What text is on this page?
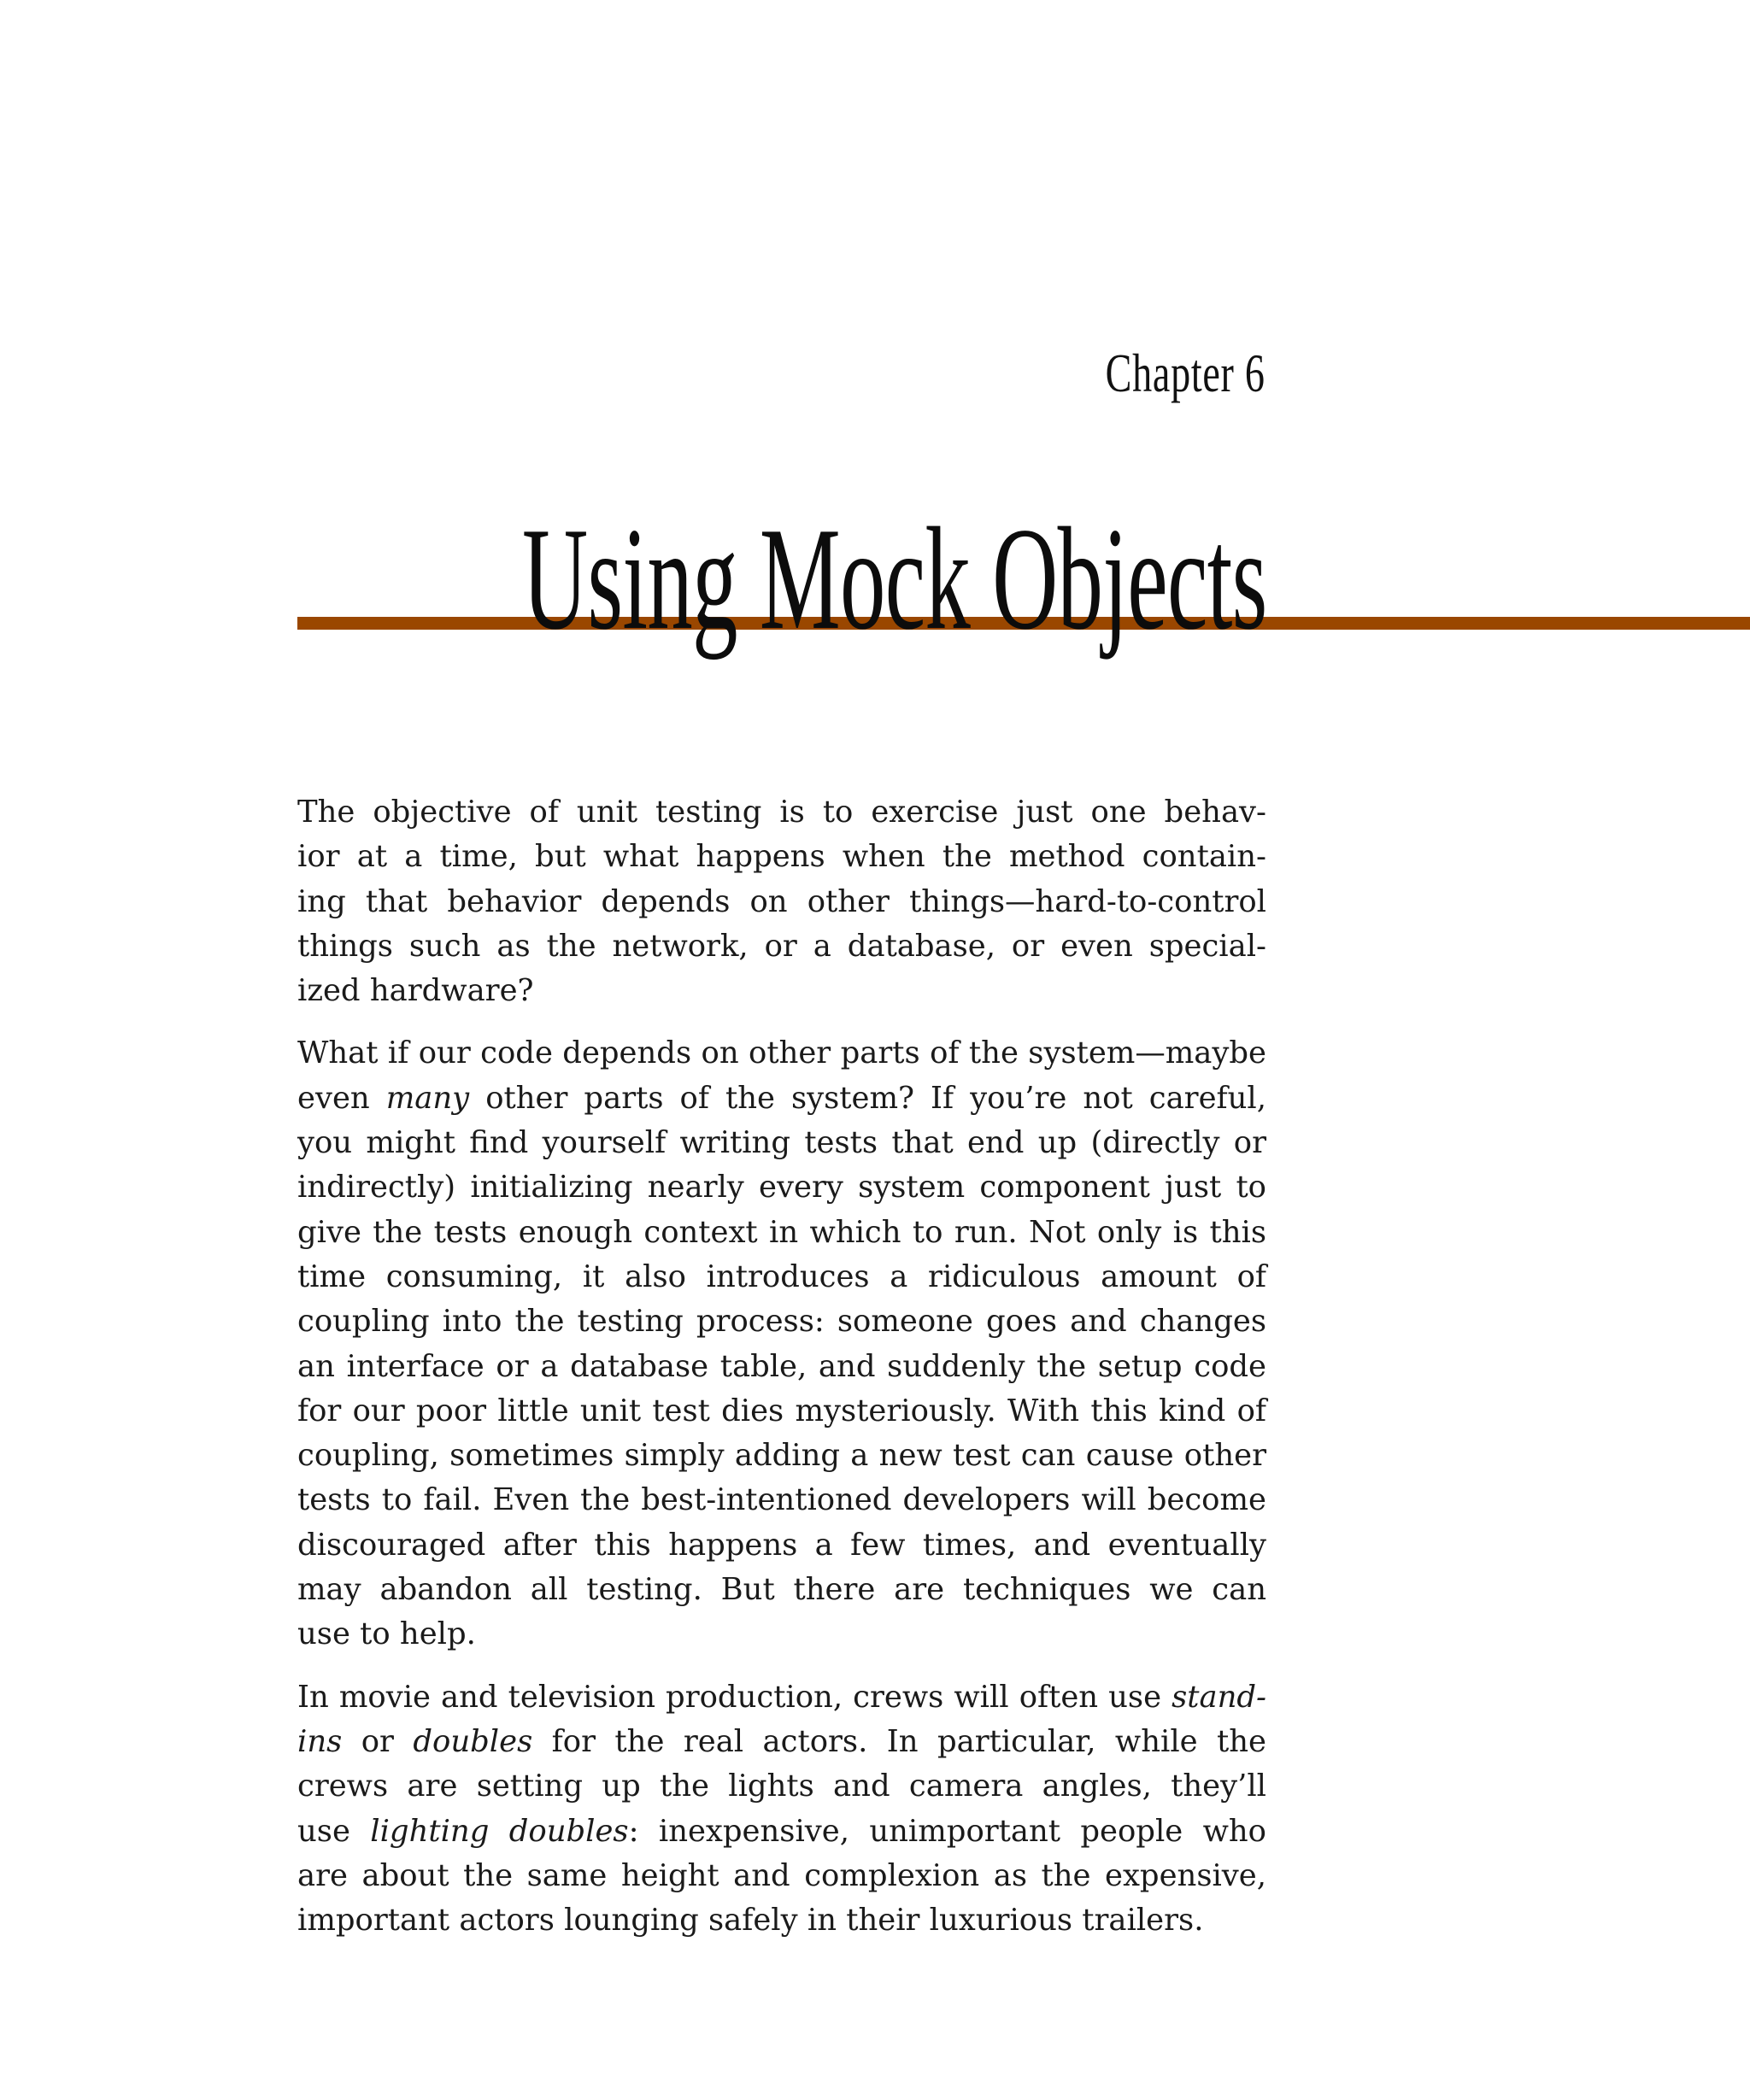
Chapter 6
Using Mock Objects

The objective of unit testing is to exercise just one behav-
ior at a time, but what happens when the method contain-
ing that behavior depends on other things—hard-to-control
things such as the network, or a database, or even special-
ized hardware?

What if our code depends on other parts of the system—maybe
even many other parts of the system? If you’re not careful,
you might find yourself writing tests that end up (directly or
indirectly) initializing nearly every system component just to
give the tests enough context in which to run. Not only is this
time consuming, it also introduces a ridiculous amount of
coupling into the testing process: someone goes and changes
an interface or a database table, and suddenly the setup code
for our poor little unit test dies mysteriously. With this kind of
coupling, sometimes simply adding a new test can cause other
tests to fail. Even the best-intentioned developers will become
discouraged after this happens a few times, and eventually
may abandon all testing. But there are techniques we can
use to help.

In movie and television production, crews will often use stand-
ins or doubles for the real actors. In particular, while the
crews are setting up the lights and camera angles, they’ll
use lighting doubles: inexpensive, unimportant people who
are about the same height and complexion as the expensive,
important actors lounging safely in their luxurious trailers.
